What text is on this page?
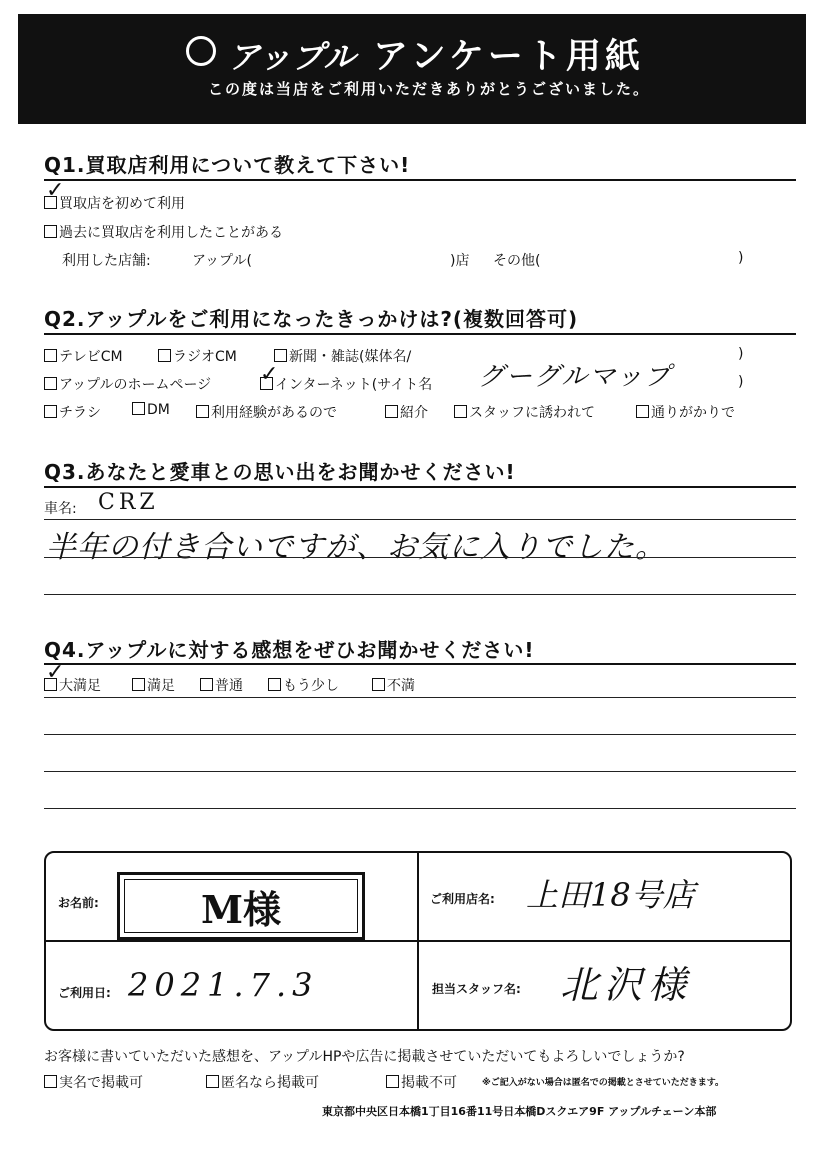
アップル アンケート用紙
この度は当店をご利用いただきありがとうございました。
Q1.買取店利用について教えて下さい!
買取店を初めて利用
✓
過去に買取店を利用したことがある
利用した店舗:	アップル(	)店 その他(	)
Q2.アップルをご利用になったきっかけは?(複数回答可)
テレビCM	ラジオCM	新聞・雑誌(媒体名/	)
アップルのホームページ	インターネット(サイト名
✓	グーグルマップ	)
チラシ	DM	利用経験があるので	紹介	スタッフに誘われて	通りがかりで
Q3.あなたと愛車との思い出をお聞かせください!
車名: CRZ
半年の付き合いですが、お気に入りでした。
Q4.アップルに対する感想をぜひお聞かせください!
大満足
✓
満足	普通	もう少し	不満
お名前:	M様	ご利用店名: 上田18号店
ご利用日: 2021.7.3	担当スタッフ名: 北沢様
お客様に書いていただいた感想を、アップルHPや広告に掲載させていただいてもよろしいでしょうか?
実名で掲載可	匿名なら掲載可	掲載不可	※ご記入がない場合は匿名での掲載とさせていただきます。
東京都中央区日本橋1丁目16番11号日本橋Dスクエア9F アップルチェーン本部
